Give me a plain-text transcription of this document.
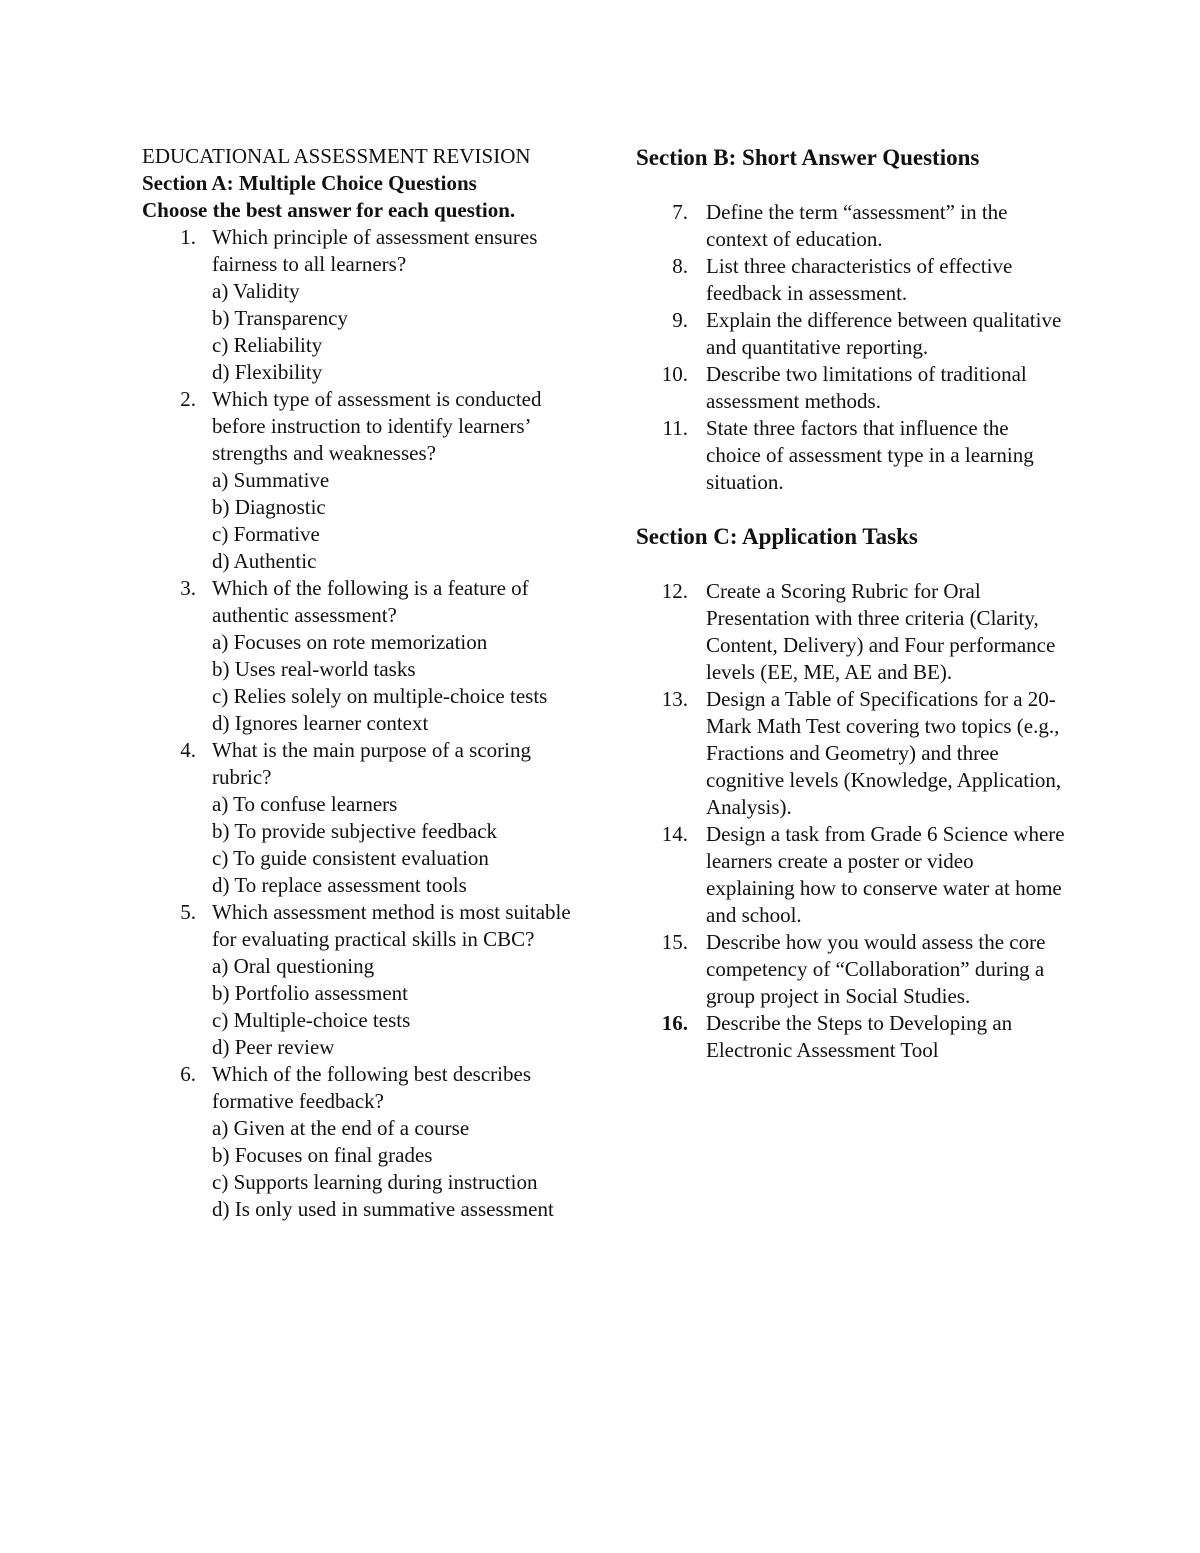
EDUCATIONAL ASSESSMENT REVISION
Section A: Multiple Choice Questions
Choose the best answer for each question.
1. Which principle of assessment ensures fairness to all learners?
a) Validity
b) Transparency
c) Reliability
d) Flexibility
2. Which type of assessment is conducted before instruction to identify learners’ strengths and weaknesses?
a) Summative
b) Diagnostic
c) Formative
d) Authentic
3. Which of the following is a feature of authentic assessment?
a) Focuses on rote memorization
b) Uses real-world tasks
c) Relies solely on multiple-choice tests
d) Ignores learner context
4. What is the main purpose of a scoring rubric?
a) To confuse learners
b) To provide subjective feedback
c) To guide consistent evaluation
d) To replace assessment tools
5. Which assessment method is most suitable for evaluating practical skills in CBC?
a) Oral questioning
b) Portfolio assessment
c) Multiple-choice tests
d) Peer review
6. Which of the following best describes formative feedback?
a) Given at the end of a course
b) Focuses on final grades
c) Supports learning during instruction
d) Is only used in summative assessment
Section B: Short Answer Questions
7. Define the term “assessment” in the context of education.
8. List three characteristics of effective feedback in assessment.
9. Explain the difference between qualitative and quantitative reporting.
10. Describe two limitations of traditional assessment methods.
11. State three factors that influence the choice of assessment type in a learning situation.
Section C: Application Tasks
12. Create a Scoring Rubric for Oral Presentation with three criteria (Clarity, Content, Delivery) and Four performance levels (EE, ME, AE and BE).
13. Design a Table of Specifications for a 20-Mark Math Test covering two topics (e.g., Fractions and Geometry) and three cognitive levels (Knowledge, Application, Analysis).
14. Design a task from Grade 6 Science where learners create a poster or video explaining how to conserve water at home and school.
15. Describe how you would assess the core competency of “Collaboration” during a group project in Social Studies.
16. Describe the Steps to Developing an Electronic Assessment Tool
